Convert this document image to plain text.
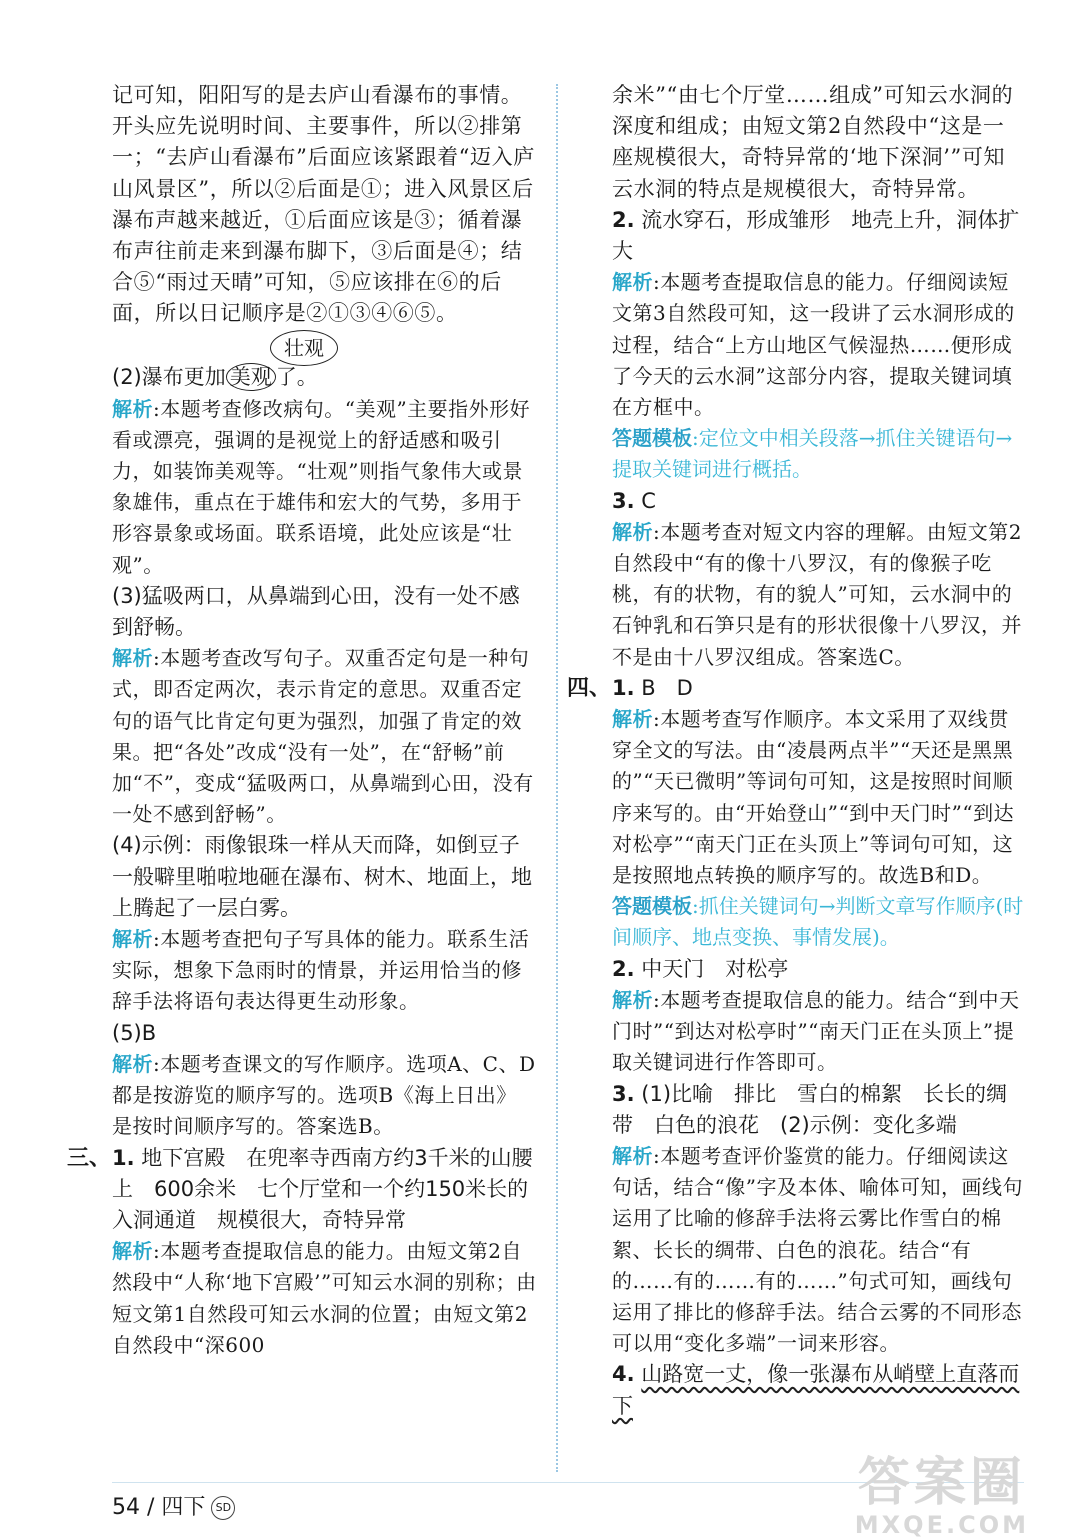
记可知，阳阳写的是去庐山看瀑布的事情。开头应先说明时间、主要事件，所以②排第一；“去庐山看瀑布”后面应该紧跟着“迈入庐山风景区”，所以②后面是①；进入风景区后瀑布声越来越近，①后面应该是③；循着瀑布声往前走来到瀑布脚下，③后面是④；结合⑤“雨过天晴”可知，⑤应该排在⑥的后面，所以日记顺序是②①③④⑥⑤。

壮观
(2)瀑布更加 美观 了。

解析:本题考查修改病句。“美观”主要指外形好看或漂亮，强调的是视觉上的舒适感和吸引力，如装饰美观等。“壮观”则指气象伟大或景象雄伟，重点在于雄伟和宏大的气势，多用于形容景象或场面。联系语境，此处应该是“壮观”。

(3)猛吸两口，从鼻端到心田，没有一处不感到舒畅。

解析:本题考查改写句子。双重否定句是一种句式，即否定两次，表示肯定的意思。双重否定句的语气比肯定句更为强烈，加强了肯定的效果。把“各处”改成“没有一处”，在“舒畅”前加“不”，变成“猛吸两口，从鼻端到心田，没有一处不感到舒畅”。

(4)示例：雨像银珠一样从天而降，如倒豆子一般噼里啪啦地砸在瀑布、树木、地面上，地上腾起了一层白雾。

解析:本题考查把句子写具体的能力。联系生活实际，想象下急雨时的情景，并运用恰当的修辞手法将语句表达得更生动形象。

(5)B

解析:本题考查课文的写作顺序。选项A、C、D都是按游览的顺序写的。选项B《海上日出》是按时间顺序写的。答案选B。

三、 1. 地下宫殿　在兜率寺西南方约3千米的山腰上　600余米　七个厅堂和一个约150米长的入洞通道　规模很大，奇特异常

解析:本题考查提取信息的能力。由短文第2自然段中“人称‘地下宫殿’”可知云水洞的别称；由短文第1自然段可知云水洞的位置；由短文第2自然段中“深600

余米”“由七个厅堂……组成”可知云水洞的深度和组成；由短文第2自然段中“这是一座规模很大，奇特异常的‘地下深洞’”可知云水洞的特点是规模很大，奇特异常。

2. 流水穿石，形成雏形　地壳上升，洞体扩大

解析:本题考查提取信息的能力。仔细阅读短文第3自然段可知，这一段讲了云水洞形成的过程，结合“上方山地区气候湿热……便形成了今天的云水洞”这部分内容，提取关键词填在方框中。

答题模板:定位文中相关段落→抓住关键语句→提取关键词进行概括。

3. C

解析:本题考查对短文内容的理解。由短文第2自然段中“有的像十八罗汉，有的像猴子吃桃，有的状物，有的貌人”可知，云水洞中的石钟乳和石笋只是有的形状很像十八罗汉，并不是由十八罗汉组成。答案选C。

四、 1. B　D

解析:本题考查写作顺序。本文采用了双线贯穿全文的写法。由“凌晨两点半”“天还是黑黑的”“天已微明”等词句可知，这是按照时间顺序来写的。由“开始登山”“到中天门时”“到达对松亭”“南天门正在头顶上”等词句可知，这是按照地点转换的顺序写的。故选B和D。

答题模板:抓住关键词句→判断文章写作顺序(时间顺序、地点变换、事情发展)。

2. 中天门　对松亭

解析:本题考查提取信息的能力。结合“到中天门时”“到达对松亭时”“南天门正在头顶上”提取关键词进行作答即可。

3. (1)比喻　排比　雪白的棉絮　长长的绸带　白色的浪花　(2)示例：变化多端

解析:本题考查评价鉴赏的能力。仔细阅读这句话，结合“像”字及本体、喻体可知，画线句运用了比喻的修辞手法将云雾比作雪白的棉絮、长长的绸带、白色的浪花。结合“有的……有的……有的……”句式可知，画线句运用了排比的修辞手法。结合云雾的不同形态可以用“变化多端”一词来形容。

4. 山路宽一丈，像一张瀑布从峭壁上直落而下

54 / 四下 SD	答案圈
MXQE.COM
